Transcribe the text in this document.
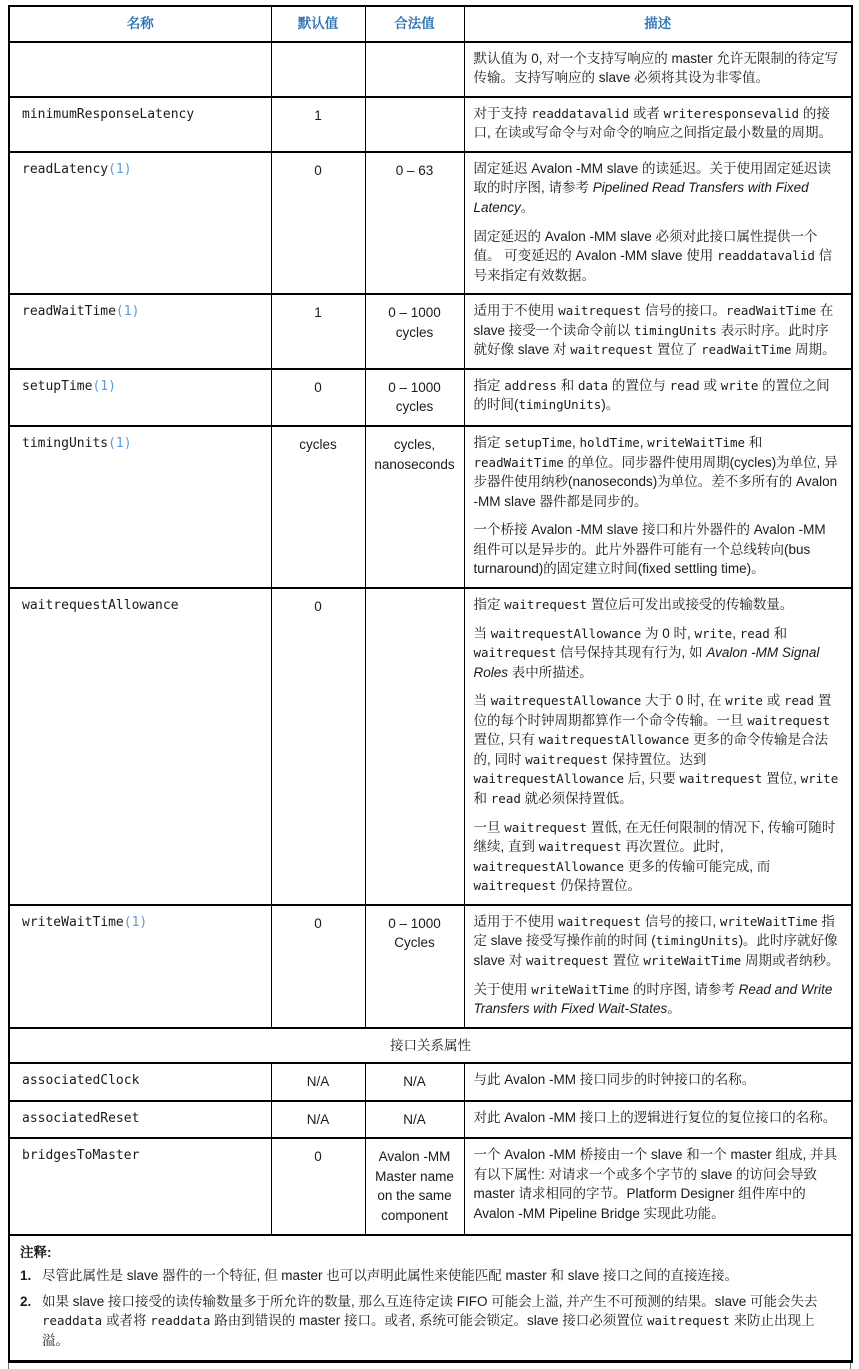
名称	默认值	合法值	描述

			默认值为 0, 对一个支持写响应的 master 允许无限制的待定写传输。支持写响应的 slave 必须将其设为非零值。

minimumResponseLatency	1		对于支持 readdatavalid 或者 writeresponsevalid 的接口, 在读或写命令与对命令的响应之间指定最小数量的周期。

readLatency(1)	0	0 – 63	固定延迟 Avalon -MM slave 的读延迟。关于使用固定延迟读取的时序图, 请参考 Pipelined Read Transfers with Fixed Latency。

固定延迟的 Avalon -MM slave 必须对此接口属性提供一个值。 可变延迟的 Avalon -MM slave 使用 readdatavalid 信号来指定有效数据。

readWaitTime(1)	1	0 – 1000 cycles	适用于不使用 waitrequest 信号的接口。readWaitTime 在 slave 接受一个读命令前以 timingUnits 表示时序。此时序就好像 slave 对 waitrequest 置位了 readWaitTime 周期。

setupTime(1)	0	0 – 1000 cycles	指定 address 和 data 的置位与 read 或 write 的置位之间的时间(timingUnits)。

timingUnits(1)	cycles	cycles, nanoseconds	指定 setupTime, holdTime, writeWaitTime 和 readWaitTime 的单位。同步器件使用周期(cycles)为单位, 异步器件使用纳秒(nanoseconds)为单位。差不多所有的 Avalon -MM slave 器件都是同步的。

一个桥接 Avalon -MM slave 接口和片外器件的 Avalon -MM 组件可以是异步的。此片外器件可能有一个总线转向(bus turnaround)的固定建立时间(fixed settling time)。

waitrequestAllowance	0		指定 waitrequest 置位后可发出或接受的传输数量。

当 waitrequestAllowance 为 0 时, write, read 和 waitrequest 信号保持其现有行为, 如 Avalon -MM Signal Roles 表中所描述。

当 waitrequestAllowance 大于 0 时, 在 write 或 read 置位的每个时钟周期都算作一个命令传输。一旦 waitrequest 置位, 只有 waitrequestAllowance 更多的命令传输是合法的, 同时 waitrequest 保持置位。达到 waitrequestAllowance 后, 只要 waitrequest 置位, write 和 read 就必须保持置低。

一旦 waitrequest 置低, 在无任何限制的情况下, 传输可随时继续, 直到 waitrequest 再次置位。此时, waitrequestAllowance 更多的传输可能完成, 而 waitrequest 仍保持置位。

writeWaitTime(1)	0	0 – 1000 Cycles	适用于不使用 waitrequest 信号的接口, writeWaitTime 指定 slave 接受写操作前的时间 (timingUnits)。此时序就好像 slave 对 waitrequest 置位 writeWaitTime 周期或者纳秒。

关于使用 writeWaitTime 的时序图, 请参考 Read and Write Transfers with Fixed Wait-States。

接口关系属性			
associatedClock	N/A	N/A	与此 Avalon -MM 接口同步的时钟接口的名称。

associatedReset	N/A	N/A	对此 Avalon -MM 接口上的逻辑进行复位的复位接口的名称。

bridgesToMaster	0	Avalon -MM Master name on the same component	一个 Avalon -MM 桥接由一个 slave 和一个 master 组成, 并具有以下属性: 对请求一个或多个字节的 slave 的访问会导致 master 请求相同的字节。Platform Designer 组件库中的 Avalon -MM Pipeline Bridge 实现此功能。

注释:
1. 尽管此属性是 slave 器件的一个特征, 但 master 也可以声明此属性来使能匹配 master 和 slave 接口之间的直接连接。
2. 如果 slave 接口接受的读传输数量多于所允许的数量, 那么互连待定读 FIFO 可能会上溢, 并产生不可预测的结果。slave 可能会失去 readdata 或者将 readdata 路由到错误的 master 接口。或者, 系统可能会锁定。slave 接口必须置位 waitrequest 来防止出现上溢。			
